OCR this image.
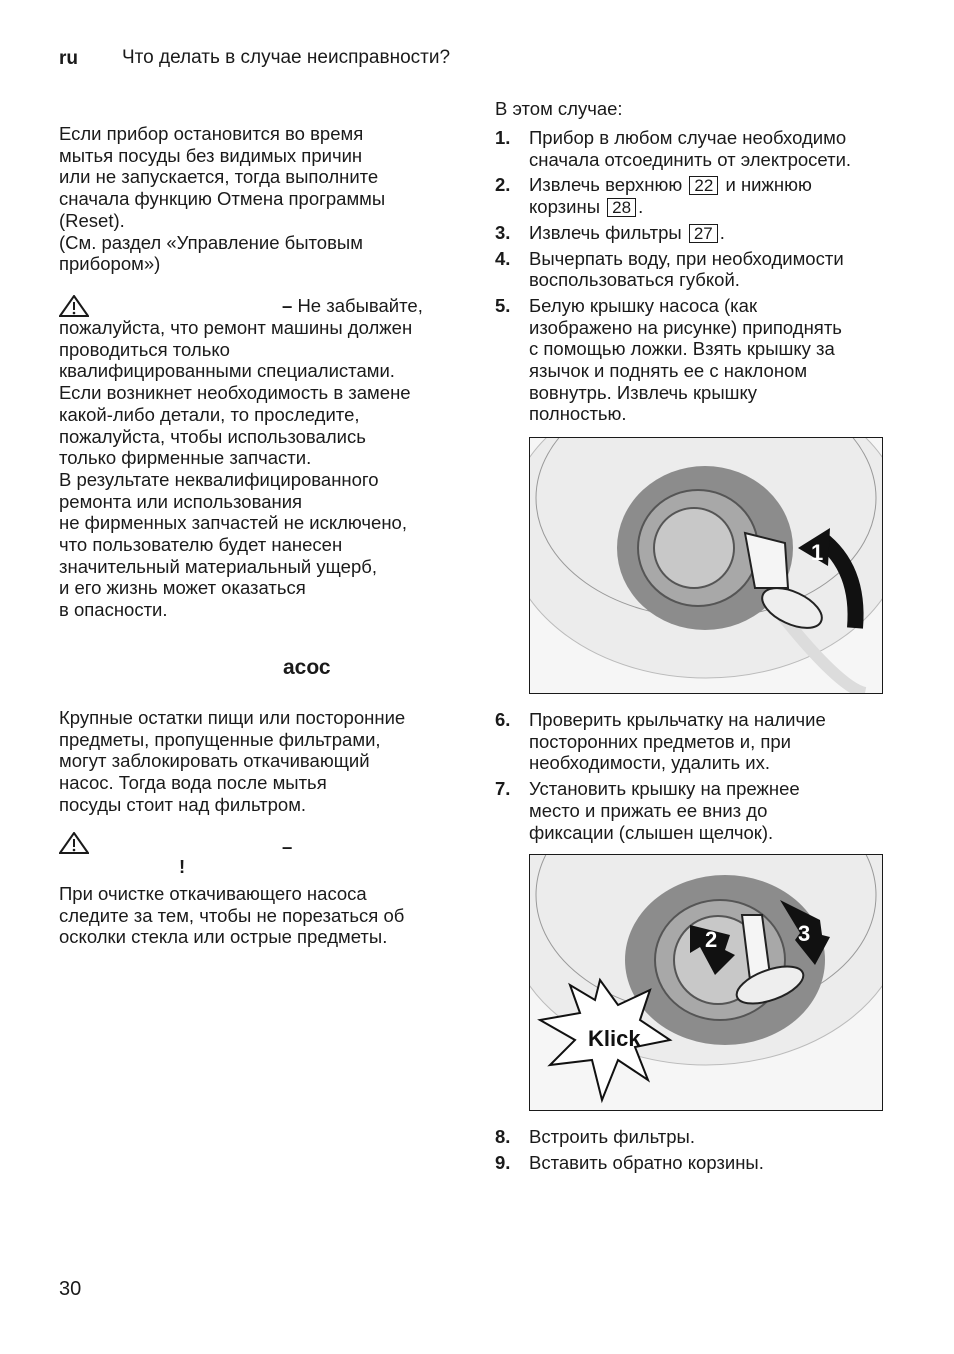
ru Что делать в случае неисправности?

Если прибор остановится во время
мытья посуды без видимых причин
или не запускается, тогда выполните
сначала функцию Отмена программы
(Reset).
(См. раздел «Управление бытовым
прибором»)

– Не забывайте,
пожалуйста, что ремонт машины должен
проводиться только
квалифицированными специалистами.
Если возникнет необходимость в замене
какой-либо детали, то проследите,
пожалуйста, чтобы использовались
только фирменные запчасти.
В результате неквалифицированного
ремонта или использования
не фирменных запчастей не исключено,
что пользователю будет нанесен
значительный материальный ущерб,
и его жизнь может оказаться
в опасности.
асос

Крупные остатки пищи или посторонние
предметы, пропущенные фильтрами,
могут заблокировать откачивающий
насос. Тогда вода после мытья
посуды стоит над фильтром.

–
!

При очистке откачивающего насоса
следите за тем, чтобы не порезаться об
осколки стекла или острые предметы.

В этом случае:
1. Прибор в любом случае необходимо
сначала отсоединить от электросети.
2. Извлечь верхнюю 22 и нижнюю
корзины 28 .
3. Извлечь фильтры 27 .
4. Вычерпать воду, при необходимости
воспользоваться губкой.
5. Белую крышку насоса (как
изображено на рисунке) приподнять
с помощью ложки. Взять крышку за
язычок и поднять ее с наклоном
вовнутрь. Извлечь крышку
полностью.
1
6. Проверить крыльчатку на наличие
посторонних предметов и, при
необходимости, удалить их.
7. Установить крышку на прежнее
место и прижать ее вниз до
фиксации (слышен щелчок).
2	3
Klick
8. Встроить фильтры.
9. Вставить обратно корзины.
30
